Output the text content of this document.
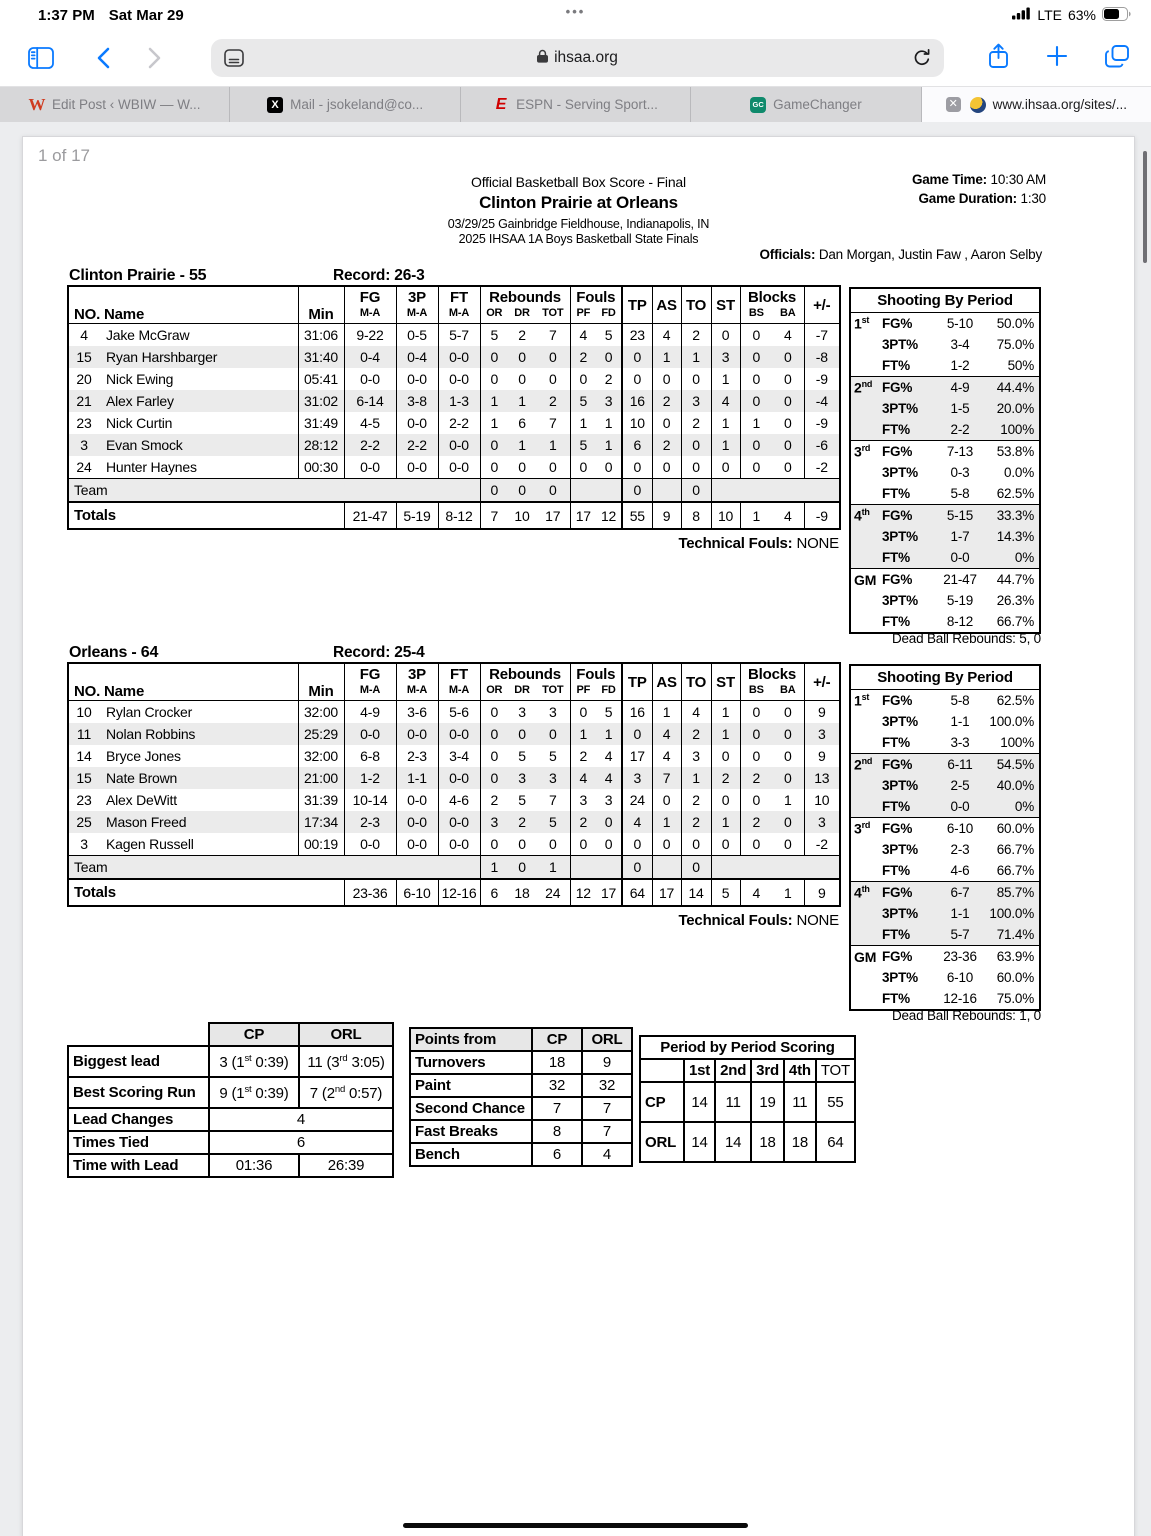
1:37 PM Sat Mar 29	•••	LTE 63%
ihsaa.org
W Edit Post ‹ WBIW — W...	X Mail - jsokeland@co...	E ESPN - Serving Sport...	GC GameChanger	✕	www.ihsaa.org/sites/...
1 of 17
Official Basketball Box Score - Final
Clinton Prairie at Orleans
03/29/25 Gainbridge Fieldhouse, Indianapolis, IN
2025 IHSAA 1A Boys Basketball State Finals
Game Time: 10:30 AM
Game Duration: 1:30
Officials: Dan Morgan, Justin Faw , Aaron Selby
Clinton Prairie - 55	Record: 26-3
NO. Name	Min	FG	3P	FT	Rebounds			Fouls		TP	AS	TO	ST	Blocks		+/-
		M-A	M-A	M-A	OR	DR	TOT	PF	FD					BS	BA	
4 Jake McGraw	31:06	9-22	0-5	5-7	5	2	7	4	5	23	4	2	0	0	4	-7
15 Ryan Harshbarger	31:40	0-4	0-4	0-0	0	0	0	2	0	0	1	1	3	0	0	-8
20 Nick Ewing	05:41	0-0	0-0	0-0	0	0	0	0	2	0	0	0	1	0	0	-9
21 Alex Farley	31:02	6-14	3-8	1-3	1	1	2	5	3	16	2	3	4	0	0	-4
23 Nick Curtin	31:49	4-5	0-0	2-2	1	6	7	1	1	10	0	2	1	1	0	-9
3 Evan Smock	28:12	2-2	2-2	0-0	0	1	1	5	1	6	2	0	1	0	0	-6
24 Hunter Haynes	00:30	0-0	0-0	0-0	0	0	0	0	0	0	0	0	0	0	0	-2
Team					0	0	0			0		0				
Totals		21-47	5-19	8-12	7	10	17	17	12	55	9	8	10	1	4	-9
Technical Fouls: NONE
Shooting By Period			
1st	FG%	5-10	50.0%
	3PT%	3-4	75.0%
	FT%	1-2	50%
2nd	FG%	4-9	44.4%
	3PT%	1-5	20.0%
	FT%	2-2	100%
3rd	FG%	7-13	53.8%
	3PT%	0-3	0.0%
	FT%	5-8	62.5%
4th	FG%	5-15	33.3%
	3PT%	1-7	14.3%
	FT%	0-0	0%
GM	FG%	21-47	44.7%
	3PT%	5-19	26.3%
	FT%	8-12	66.7%
Dead Ball Rebounds: 5, 0
Orleans - 64	Record: 25-4
NO. Name	Min	FG	3P	FT	Rebounds			Fouls		TP	AS	TO	ST	Blocks		+/-
		M-A	M-A	M-A	OR	DR	TOT	PF	FD					BS	BA	
10 Rylan Crocker	32:00	4-9	3-6	5-6	0	3	3	0	5	16	1	4	1	0	0	9
11 Nolan Robbins	25:29	0-0	0-0	0-0	0	0	0	1	1	0	4	2	1	0	0	3
14 Bryce Jones	32:00	6-8	2-3	3-4	0	5	5	2	4	17	4	3	0	0	0	9
15 Nate Brown	21:00	1-2	1-1	0-0	0	3	3	4	4	3	7	1	2	2	0	13
23 Alex DeWitt	31:39	10-14	0-0	4-6	2	5	7	3	3	24	0	2	0	0	1	10
25 Mason Freed	17:34	2-3	0-0	0-0	3	2	5	2	0	4	1	2	1	2	0	3
3 Kagen Russell	00:19	0-0	0-0	0-0	0	0	0	0	0	0	0	0	0	0	0	-2
Team					1	0	1			0		0				
Totals		23-36	6-10	12-16	6	18	24	12	17	64	17	14	5	4	1	9
Technical Fouls: NONE
Shooting By Period			
1st	FG%	5-8	62.5%
	3PT%	1-1	100.0%
	FT%	3-3	100%
2nd	FG%	6-11	54.5%
	3PT%	2-5	40.0%
	FT%	0-0	0%
3rd	FG%	6-10	60.0%
	3PT%	2-3	66.7%
	FT%	4-6	66.7%
4th	FG%	6-7	85.7%
	3PT%	1-1	100.0%
	FT%	5-7	71.4%
GM	FG%	23-36	63.9%
	3PT%	6-10	60.0%
	FT%	12-16	75.0%
Dead Ball Rebounds: 1, 0
	CP	ORL
Biggest lead	3 (1st 0:39)	11 (3rd 3:05)
Best Scoring Run	9 (1st 0:39)	7 (2nd 0:57)
Lead Changes	4	
Times Tied	6	
Time with Lead	01:36	26:39
Points from	CP	ORL
Turnovers	18	9
Paint	32	32
Second Chance	7	7
Fast Breaks	8	7
Bench	6	4
Period by Period Scoring					
	1st	2nd	3rd	4th	TOT
CP	14	11	19	11	55
ORL	14	14	18	18	64
